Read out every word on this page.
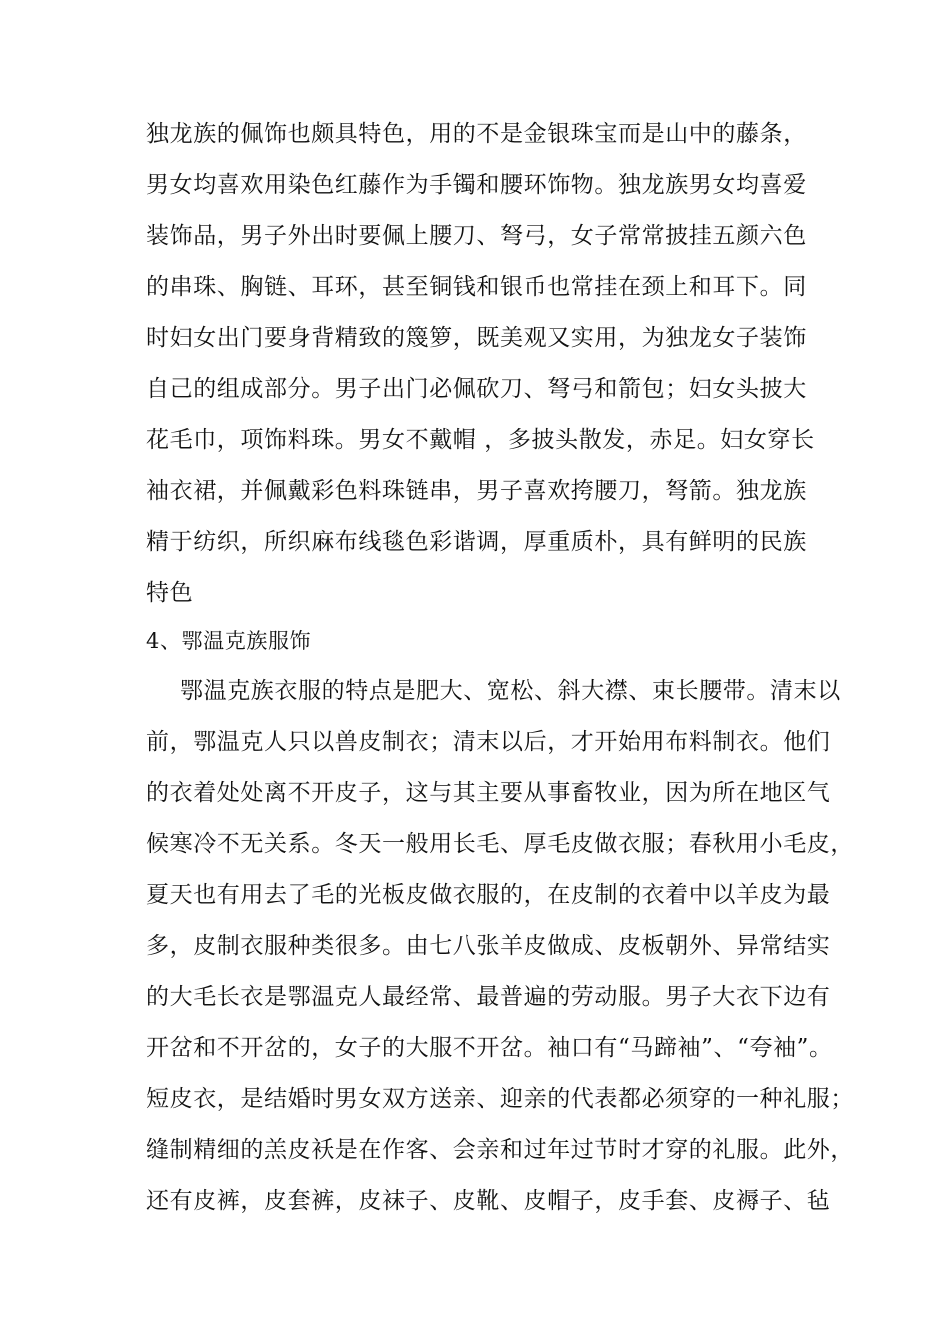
独龙族的佩饰也颇具特色，用的不是金银珠宝而是山中的藤条，
男女均喜欢用染色红藤作为手镯和腰环饰物。独龙族男女均喜爱
装饰品，男子外出时要佩上腰刀、弩弓，女子常常披挂五颜六色
的串珠、胸链、耳环，甚至铜钱和银币也常挂在颈上和耳下。同
时妇女出门要身背精致的篾箩，既美观又实用，为独龙女子装饰
自己的组成部分。男子出门必佩砍刀、弩弓和箭包；妇女头披大
花毛巾，项饰料珠。男女不戴帽 ，多披头散发，赤足。妇女穿长
袖衣裙，并佩戴彩色料珠链串，男子喜欢挎腰刀，弩箭。独龙族
精于纺织，所织麻布线毯色彩谐调，厚重质朴，具有鲜明的民族
特色
4、鄂温克族服饰
鄂温克族衣服的特点是肥大、宽松、斜大襟、束长腰带。清末以
前，鄂温克人只以兽皮制衣；清末以后，才开始用布料制衣。他们
的衣着处处离不开皮子，这与其主要从事畜牧业，因为所在地区气
候寒冷不无关系。冬天一般用长毛、厚毛皮做衣服；春秋用小毛皮，
夏天也有用去了毛的光板皮做衣服的，在皮制的衣着中以羊皮为最
多，皮制衣服种类很多。由七八张羊皮做成、皮板朝外、异常结实
的大毛长衣是鄂温克人最经常、最普遍的劳动服。男子大衣下边有
开岔和不开岔的，女子的大服不开岔。袖口有“马蹄袖”、“夸袖”。
短皮衣，是结婚时男女双方送亲、迎亲的代表都必须穿的一种礼服；
缝制精细的羔皮袄是在作客、会亲和过年过节时才穿的礼服。此外，
还有皮裤，皮套裤，皮袜子、皮靴、皮帽子，皮手套、皮褥子、毡
